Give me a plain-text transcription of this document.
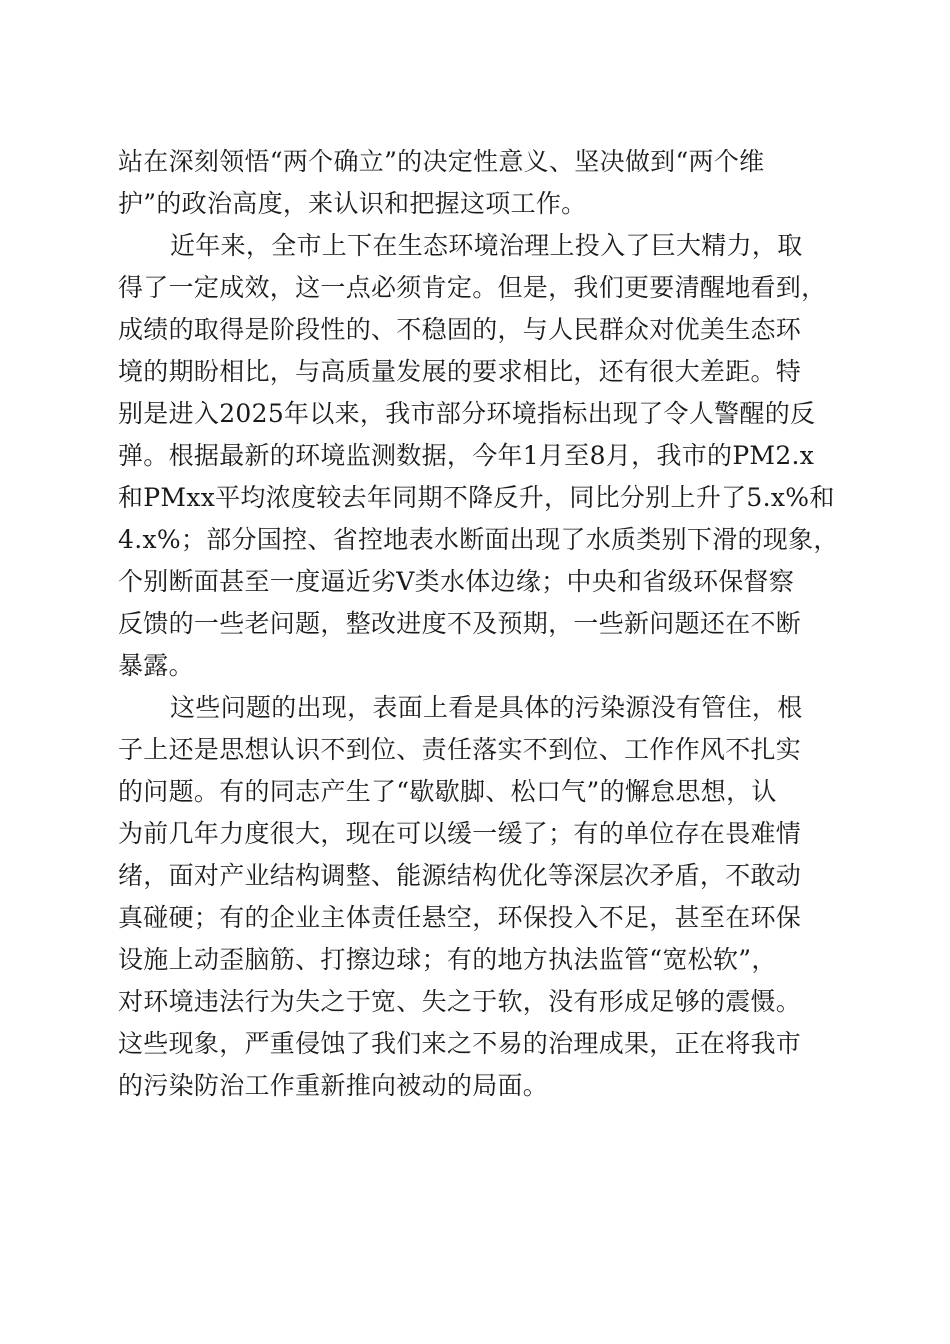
站在深刻领悟“两个确立”的决定性意义、坚决做到“两个维
护”的政治高度，来认识和把握这项工作。
近年来，全市上下在生态环境治理上投入了巨大精力，取
得了一定成效，这一点必须肯定。但是，我们更要清醒地看到，
成绩的取得是阶段性的、不稳固的，与人民群众对优美生态环
境的期盼相比，与高质量发展的要求相比，还有很大差距。特
别是进入2025年以来，我市部分环境指标出现了令人警醒的反
弹。根据最新的环境监测数据，今年1月至8月，我市的PM2.x
和PMxx平均浓度较去年同期不降反升，同比分别上升了5.x%和
4.x%；部分国控、省控地表水断面出现了水质类别下滑的现象，
个别断面甚至一度逼近劣Ⅴ类水体边缘；中央和省级环保督察
反馈的一些老问题，整改进度不及预期，一些新问题还在不断
暴露。
这些问题的出现，表面上看是具体的污染源没有管住，根
子上还是思想认识不到位、责任落实不到位、工作作风不扎实
的问题。有的同志产生了“歇歇脚、松口气”的懈怠思想，认
为前几年力度很大，现在可以缓一缓了；有的单位存在畏难情
绪，面对产业结构调整、能源结构优化等深层次矛盾，不敢动
真碰硬；有的企业主体责任悬空，环保投入不足，甚至在环保
设施上动歪脑筋、打擦边球；有的地方执法监管“宽松软”，
对环境违法行为失之于宽、失之于软，没有形成足够的震慑。
这些现象，严重侵蚀了我们来之不易的治理成果，正在将我市
的污染防治工作重新推向被动的局面。
